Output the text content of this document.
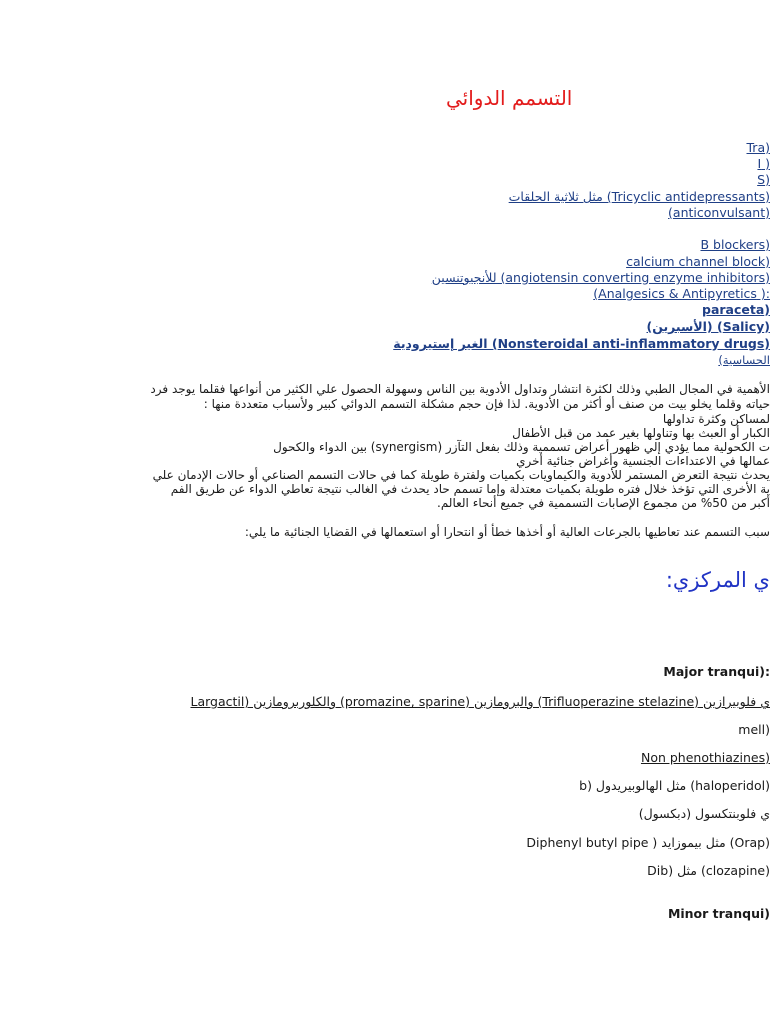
التسمم الدوائي

(Tra

( I

(S

(Tricyclic antidepressants) مثل ثلاثية الحلقات

(anticonvulsant)

(B blockers

(calcium channel block

(angiotensin converting enzyme inhibitors) للأنجيوتنسين

:( Analgesics & Antipyretics)

(paraceta

(Salicy) (الأسبرين)

(Nonsteroidal anti-inflammatory drugs) الغير إستيرودية

الحساسية)

الأهمية في المجال الطبي وذلك لكثرة انتشار وتداول الأدوية بين الناس وسهولة الحصول علي الكثير من أنواعها فقلما يوجد فرد

حياته وقلما يخلو بيت من صنف أو أكثر من الأدوية. لذا فإن حجم مشكلة التسمم الدوائي كبير ولأسباب متعددة منها :

لمساكن وكثرة تداولها

الكبار أو العبث بها وتناولها بغير عمد من قبل الأطفال

ت الكحولية مما يؤدي إلي ظهور أعراض تسممية وذلك بفعل التآزر (synergism) بين الدواء والكحول

عمالها في الاعتداءات الجنسية وأغراض جنائية أخري

يحدث نتيجة التعرض المستمر للأدوية والكيماويات بكميات ولفترة طويلة كما في حالات التسمم الصناعي أو حالات الإدمان علي

ية الأخرى التي تؤخذ خلال فتره طويلة بكميات معتدلة وإما تسمم حاد يحدث في الغالب نتيجة تعاطي الدواء عن طريق الفم

أكبر من 50% من مجموع الإصابات التسممية في جميع أنحاء العالم.

سبب التسمم عند تعاطيها بالجرعات العالية أو أخذها خطأ أو انتحارا أو استعمالها في القضايا الجنائية ما يلي:

ي المركزي:

:(Major tranqui

ي فلوبيرازين (Trifluoperazine stelazine) والبرومازين (promazine, sparine) والكلوربرومازين (Largactil

(mell

(Non phenothiazines

(haloperidol) مثل الهالوبيريدول (b

ي فلوبنتكسول (دبكسول)

(Orap) مثل بيموزايد ( Diphenyl butyl pipe

(clozapine) مثل (Dib

(Minor tranqui
